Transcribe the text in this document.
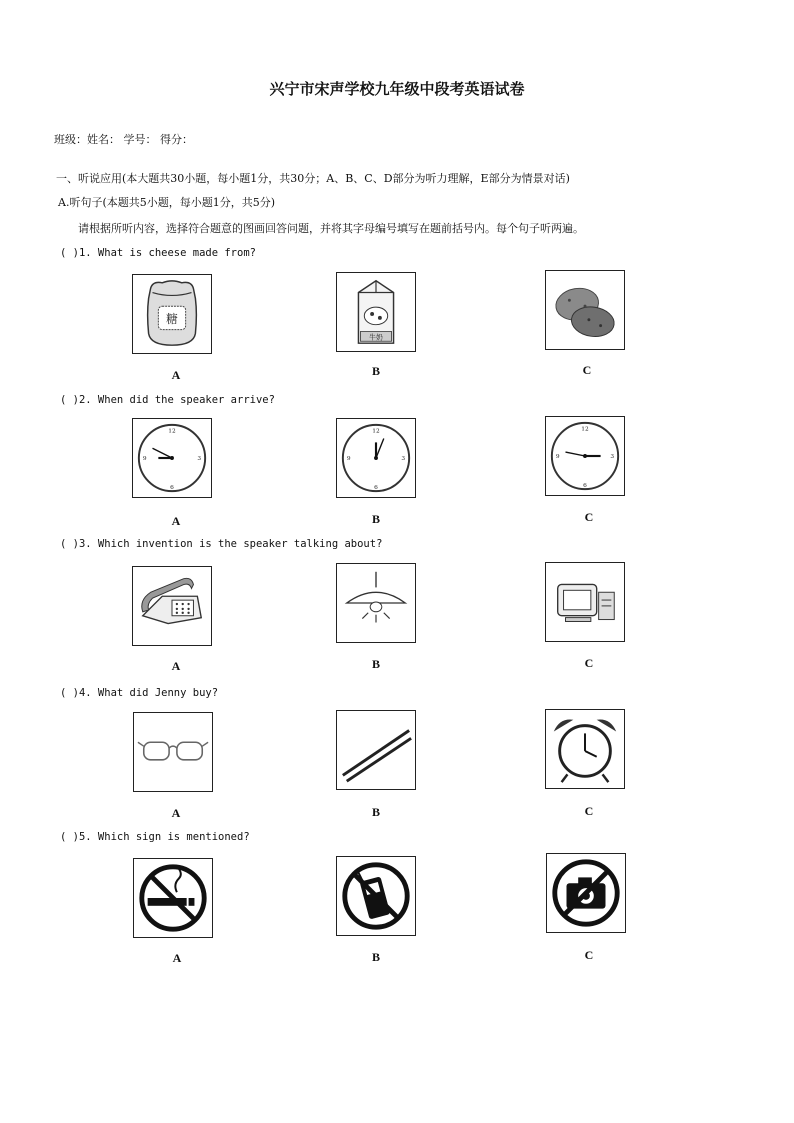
兴宁市宋声学校九年级中段考英语试卷
班级：姓名： 学号： 得分：
一、听说应用(本大题共30小题，每小题1分，共30分；A、B、C、D部分为听力理解，E部分为情景对话)
A.听句子(本题共5小题，每小题1分，共5分)
请根据所听内容，选择符合题意的图画回答问题，并将其字母编号填写在题前括号内。每个句子听两遍。
( )1. What is cheese made from?
糖
牛奶
A	B	C
( )2. When did the speaker arrive?
12
3
6
9
12
3
6
9
12
3
6
9
A	B	C
( )3. Which invention is the speaker talking about?
A	B	C
( )4. What did Jenny buy?
A	B	C
( )5. Which sign is mentioned?
A	B	C
